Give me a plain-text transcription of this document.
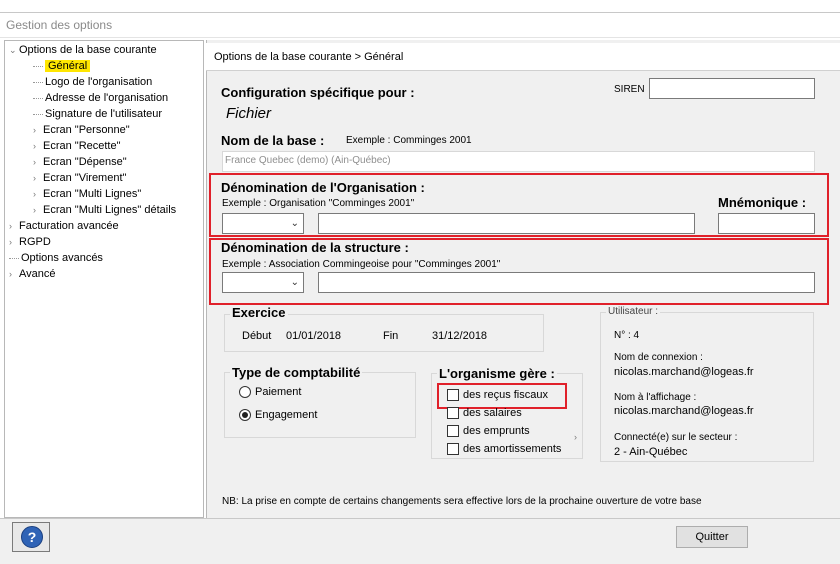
Gestion des options
⌄ Options de la base courante
Général
Logo de l'organisation
Adresse de l'organisation
Signature de l'utilisateur
› Ecran "Personne"
› Ecran "Recette"
› Ecran "Dépense"
› Ecran "Virement"
› Ecran "Multi Lignes"
› Ecran "Multi Lignes" détails
› Facturation avancée
› RGPD
Options avancés
› Avancé
Options de la base courante > Général
Configuration spécifique pour :
Fichier
SIREN
Nom de la base : Exemple : Comminges 2001
France Quebec (demo) (Ain-Québec)
Dénomination de l'Organisation :
Exemple : Organisation "Comminges 2001"	Mnémonique :
⌄
Dénomination de la structure :
Exemple : Association Commingeoise pour "Comminges 2001"
⌄
Exercice
Début 01/01/2018	Fin	31/12/2018
Utilisateur :
N° : 4
Nom de connexion :
nicolas.marchand@logeas.fr
Nom à l'affichage :
nicolas.marchand@logeas.fr
Connecté(e) sur le secteur :
2 - Ain-Québec
Type de comptabilité
Paiement
Engagement
L'organisme gère :
des reçus fiscaux
des salaires
des emprunts
des amortissements
›
NB: La prise en compte de certains changements sera effective lors de la prochaine ouverture de votre base
?	Quitter
